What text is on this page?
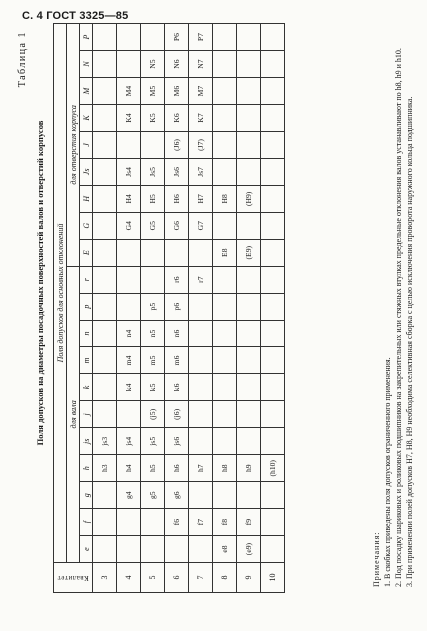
С. 4 ГОСТ 3325—85
Таблица 1
Поля допусков на диаметры посадочных поверхностей валов и отверстий корпусов
Квалитет	Поля допусков для основных отклонений																			
	для вала											для отверстия корпуса								
	e	f	g	h	js	j	k	m	n	p	r	E	G	H	Js	J	K	M	N	P
3				h3	js3															
4			g4	h4	js4		k4	m4	n4				G4	H4	Js4		K4	M4		
5			g5	h5	js5	(j5)	k5	m5	n5	p5			G5	H5	Js5		K5	M5	N5	
6		f6	g6	h6	js6	(j6)	k6	m6	n6	p6	r6		G6	H6	Js6	(J6)	K6	M6	N6	P6
7		f7		h7							r7		G7	H7	Js7	(J7)	K7	M7	N7	P7
8	e8	f8		h8								E8		H8						
9	(e9)	f9		h9								(E9)		(H9)						
10				(h10)																
Примечания: 1. В скобках приведены поля допусков ограниченного применения. 2. Под посадку шариковых и роликовых подшипников на закрепительных или стяжных втулках предельные отклонения валов устанавливают по h8, h9 и h10. 3. При применении полей допусков H7, H8, H9 необходима селективная сборка с целью исключения проворота наружного кольца подшипника.
